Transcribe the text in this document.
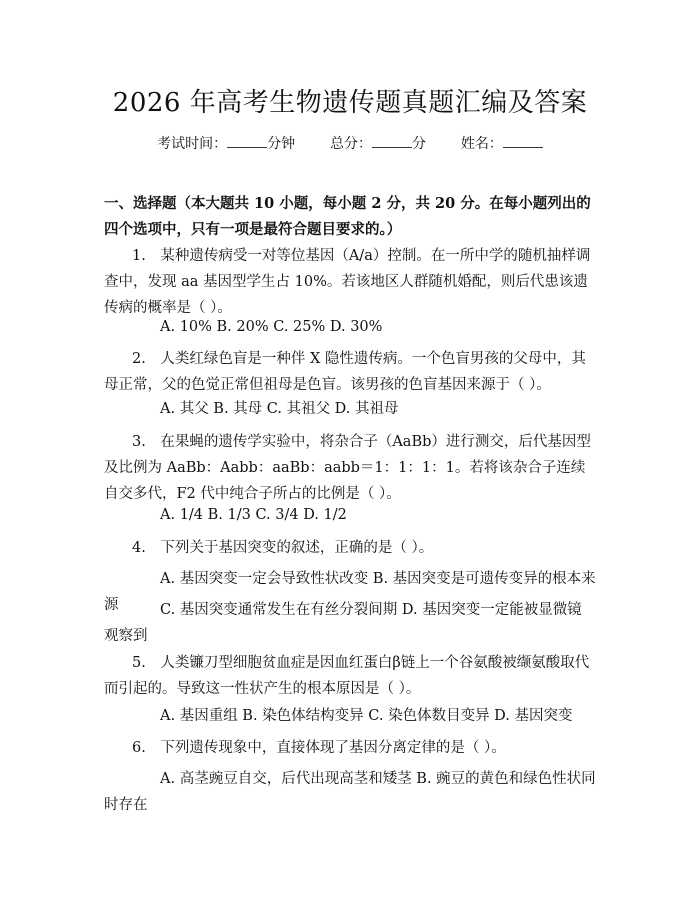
2026 年高考生物遗传题真题汇编及答案
考试时间：	分钟 总分：	分 姓名：
一、选择题（本大题共 10 小题，每小题 2 分，共 20 分。在每小题列出的四个选项中，只有一项是最符合题目要求的。）
1.　某种遗传病受一对等位基因（A/a）控制。在一所中学的随机抽样调查中，发现 aa 基因型学生占 10%。若该地区人群随机婚配，则后代患该遗传病的概率是（ ）。
A. 10% B. 20% C. 25% D. 30%
2.　人类红绿色盲是一种伴 X 隐性遗传病。一个色盲男孩的父母中，其母正常，父的色觉正常但祖母是色盲。该男孩的色盲基因来源于（ ）。
A. 其父 B. 其母 C. 其祖父 D. 其祖母
3.　在果蝇的遗传学实验中，将杂合子（AaBb）进行测交，后代基因型及比例为 AaBb：Aabb：aaBb：aabb＝1：1：1：1。若将该杂合子连续自交多代，F2 代中纯合子所占的比例是（ ）。
A. 1/4 B. 1/3 C. 3/4 D. 1/2
4.　下列关于基因突变的叙述，正确的是（ ）。
A. 基因突变一定会导致性状改变 B. 基因突变是可遗传变异的根本来源	C. 基因突变通常发生在有丝分裂间期 D. 基因突变一定能被显微镜观察到
5.　人类镰刀型细胞贫血症是因血红蛋白β链上一个谷氨酸被缬氨酸取代而引起的。导致这一性状产生的根本原因是（ ）。
A. 基因重组 B. 染色体结构变异 C. 染色体数目变异 D. 基因突变
6.　下列遗传现象中，直接体现了基因分离定律的是（ ）。
A. 高茎豌豆自交，后代出现高茎和矮茎 B. 豌豆的黄色和绿色性状同时存在
